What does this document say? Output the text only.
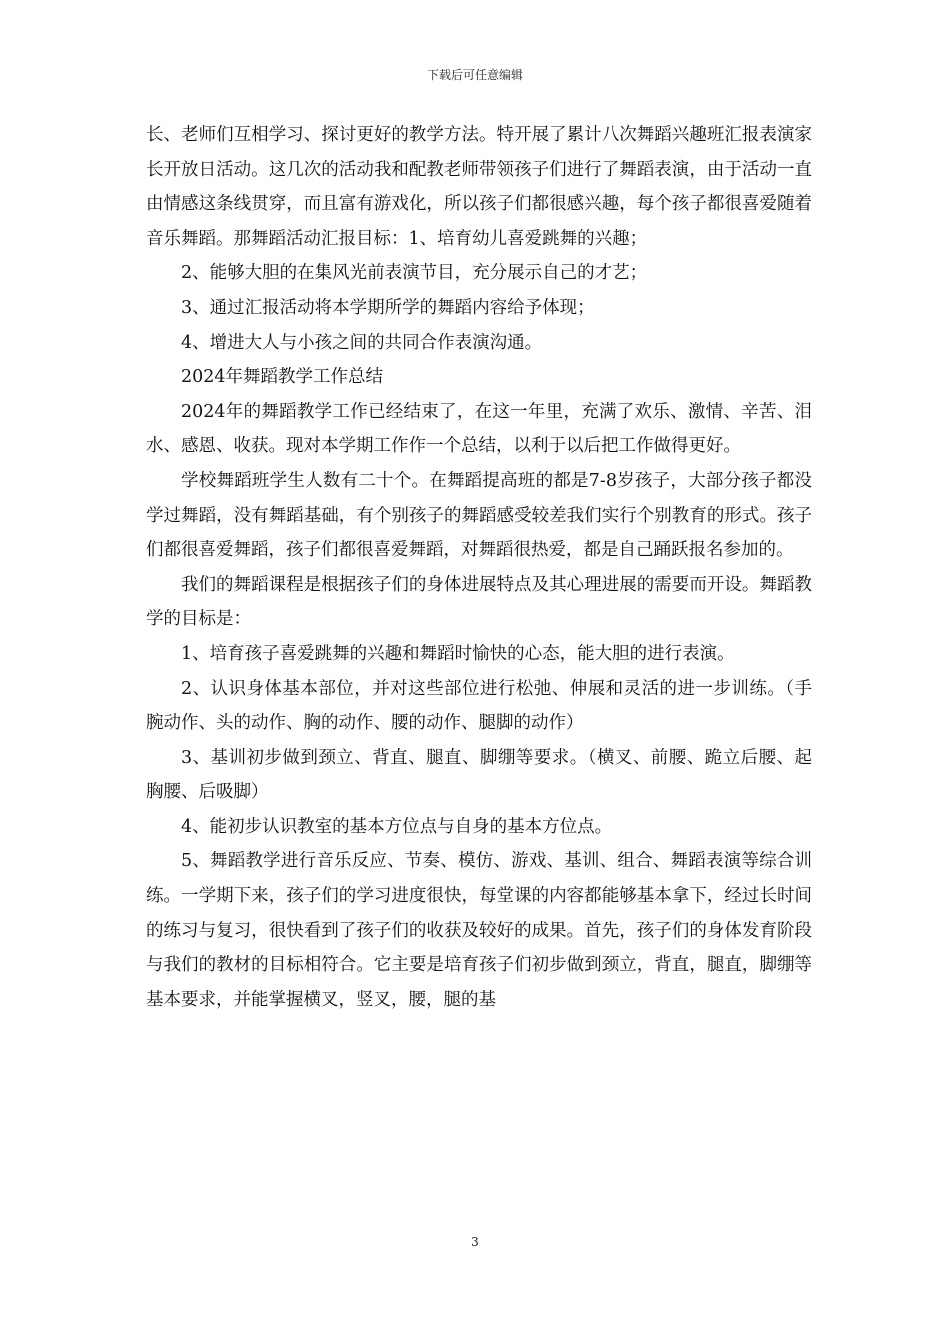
下载后可任意编辑

长、老师们互相学习、探讨更好的教学方法。特开展了累计八次舞蹈兴趣班汇报表演家长开放日活动。这几次的活动我和配教老师带领孩子们进行了舞蹈表演，由于活动一直由情感这条线贯穿，而且富有游戏化，所以孩子们都很感兴趣，每个孩子都很喜爱随着音乐舞蹈。那舞蹈活动汇报目标：1、培育幼儿喜爱跳舞的兴趣；

2、能够大胆的在集风光前表演节目，充分展示自己的才艺；

3、通过汇报活动将本学期所学的舞蹈内容给予体现；

4、增进大人与小孩之间的共同合作表演沟通。

2024年舞蹈教学工作总结

2024年的舞蹈教学工作已经结束了，在这一年里，充满了欢乐、激情、辛苦、泪水、感恩、收获。现对本学期工作作一个总结，以利于以后把工作做得更好。

学校舞蹈班学生人数有二十个。在舞蹈提高班的都是7-8岁孩子，大部分孩子都没学过舞蹈，没有舞蹈基础，有个别孩子的舞蹈感受较差我们实行个别教育的形式。孩子们都很喜爱舞蹈，孩子们都很喜爱舞蹈，对舞蹈很热爱，都是自己踊跃报名参加的。

我们的舞蹈课程是根据孩子们的身体进展特点及其心理进展的需要而开设。舞蹈教学的目标是：

1、培育孩子喜爱跳舞的兴趣和舞蹈时愉快的心态，能大胆的进行表演。

2、认识身体基本部位，并对这些部位进行松弛、伸展和灵活的进一步训练。（手腕动作、头的动作、胸的动作、腰的动作、腿脚的动作）

3、基训初步做到颈立、背直、腿直、脚绷等要求。（横叉、前腰、跪立后腰、起胸腰、后吸脚）

4、能初步认识教室的基本方位点与自身的基本方位点。

5、舞蹈教学进行音乐反应、节奏、模仿、游戏、基训、组合、舞蹈表演等综合训练。一学期下来，孩子们的学习进度很快，每堂课的内容都能够基本拿下，经过长时间的练习与复习，很快看到了孩子们的收获及较好的成果。首先，孩子们的身体发育阶段与我们的教材的目标相符合。它主要是培育孩子们初步做到颈立，背直，腿直，脚绷等基本要求，并能掌握横叉，竖叉，腰，腿的基

3
